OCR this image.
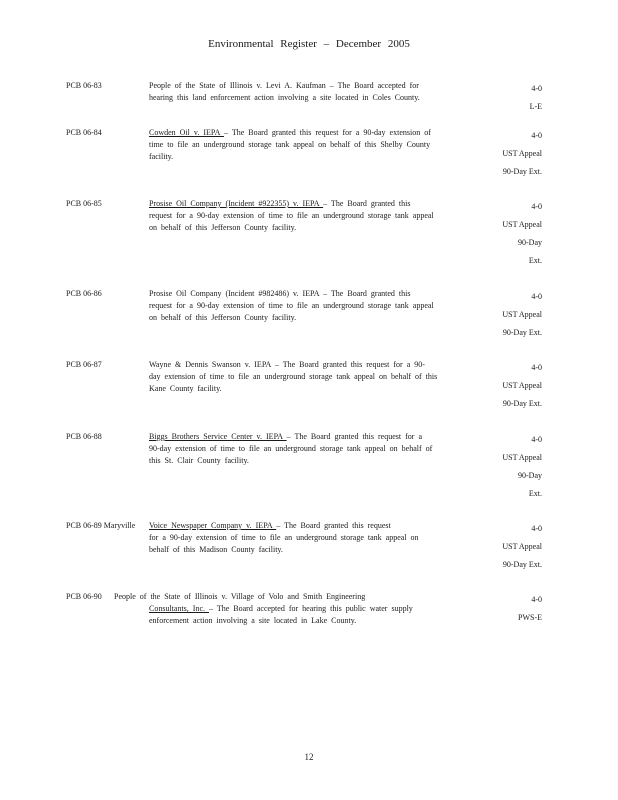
Environmental Register – December 2005
PCB 06-83	People of the State of Illinois v. Levi A. Kaufman – The Board accepted for
hearing this land enforcement action involving a site located in Coles County.
4-0
L-E
PCB 06-84	Cowden Oil v. IEPA – The Board granted this request for a 90-day extension of
time to file an underground storage tank appeal on behalf of this Shelby County
facility.
4-0
UST Appeal
90-Day Ext.
PCB 06-85	Prosise Oil Company (Incident #922355) v. IEPA – The Board granted this
request for a 90-day extension of time to file an underground storage tank appeal
on behalf of this Jefferson County facility.
4-0
UST Appeal
90-Day
Ext.
PCB 06-86	Prosise Oil Company (Incident #982486) v. IEPA – The Board granted this
request for a 90-day extension of time to file an underground storage tank appeal
on behalf of this Jefferson County facility.
4-0
UST Appeal
90-Day Ext.
PCB 06-87	Wayne & Dennis Swanson v. IEPA – The Board granted this request for a 90-
day extension of time to file an underground storage tank appeal on behalf of this
Kane County facility.
4-0
UST Appeal
90-Day Ext.
PCB 06-88	Biggs Brothers Service Center v. IEPA – The Board granted this request for a
90-day extension of time to file an underground storage tank appeal on behalf of
this St. Clair County facility.
4-0
UST Appeal
90-Day
Ext.
PCB 06-89 Maryville Voice Newspaper Company v. IEPA – The Board granted this request
for a 90-day extension of time to file an underground storage tank appeal on
behalf of this Madison County facility.
4-0
UST Appeal
90-Day Ext.
PCB 06-90 People of the State of Illinois v. Village of Volo and Smith Engineering
Consultants, Inc. – The Board accepted for hearing this public water supply
enforcement action involving a site located in Lake County.
4-0
PWS-E
12
